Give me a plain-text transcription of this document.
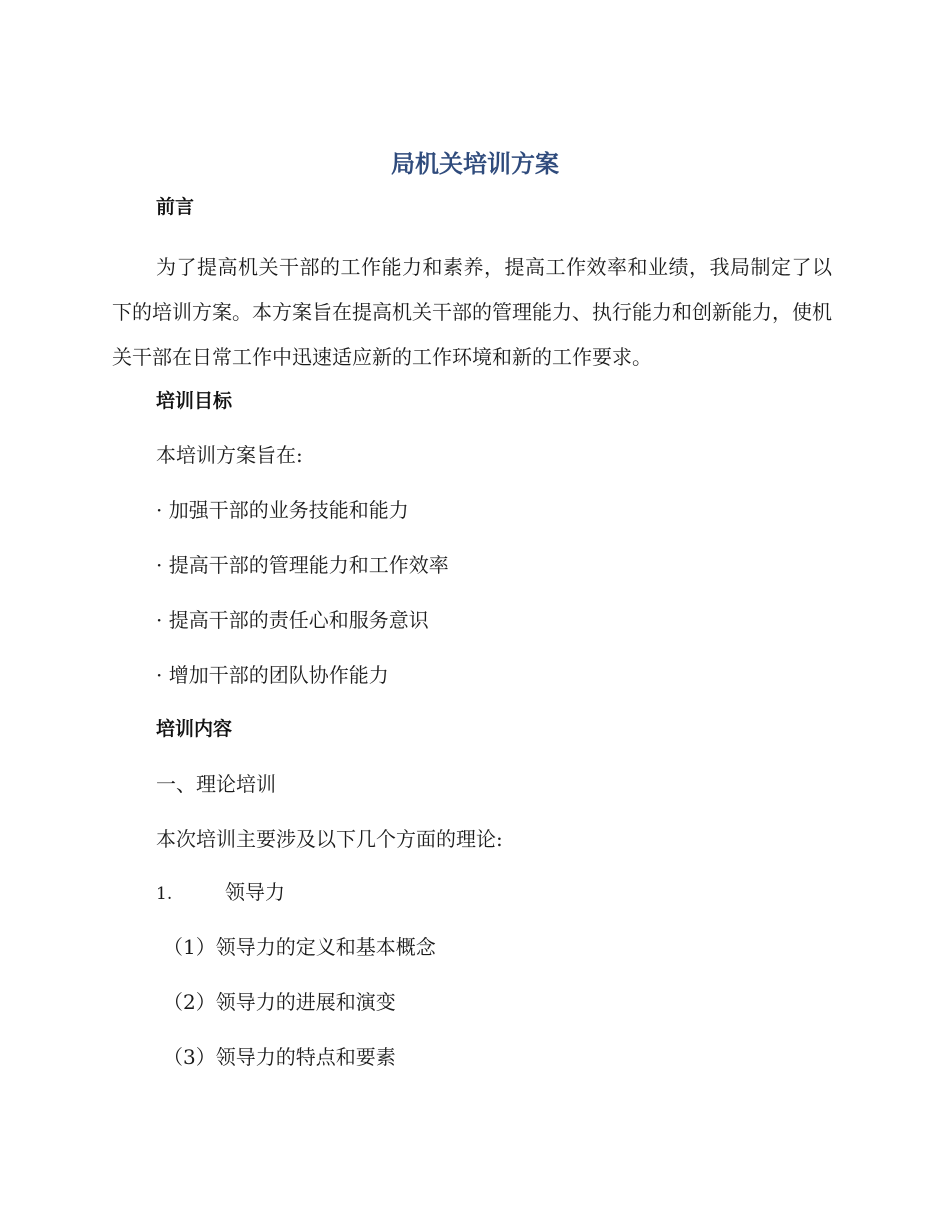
局机关培训方案
前言

为了提高机关干部的工作能力和素养，提高工作效率和业绩，我局制定了以下的培训方案。本方案旨在提高机关干部的管理能力、执行能力和创新能力，使机关干部在日常工作中迅速适应新的工作环境和新的工作要求。

培训目标
本培训方案旨在:
· 加强干部的业务技能和能力
· 提高干部的管理能力和工作效率
· 提高干部的责任心和服务意识
· 增加干部的团队协作能力
培训内容
一、理论培训
本次培训主要涉及以下几个方面的理论:
1.	领导力
（1）领导力的定义和基本概念
（2）领导力的进展和演变
（3）领导力的特点和要素
